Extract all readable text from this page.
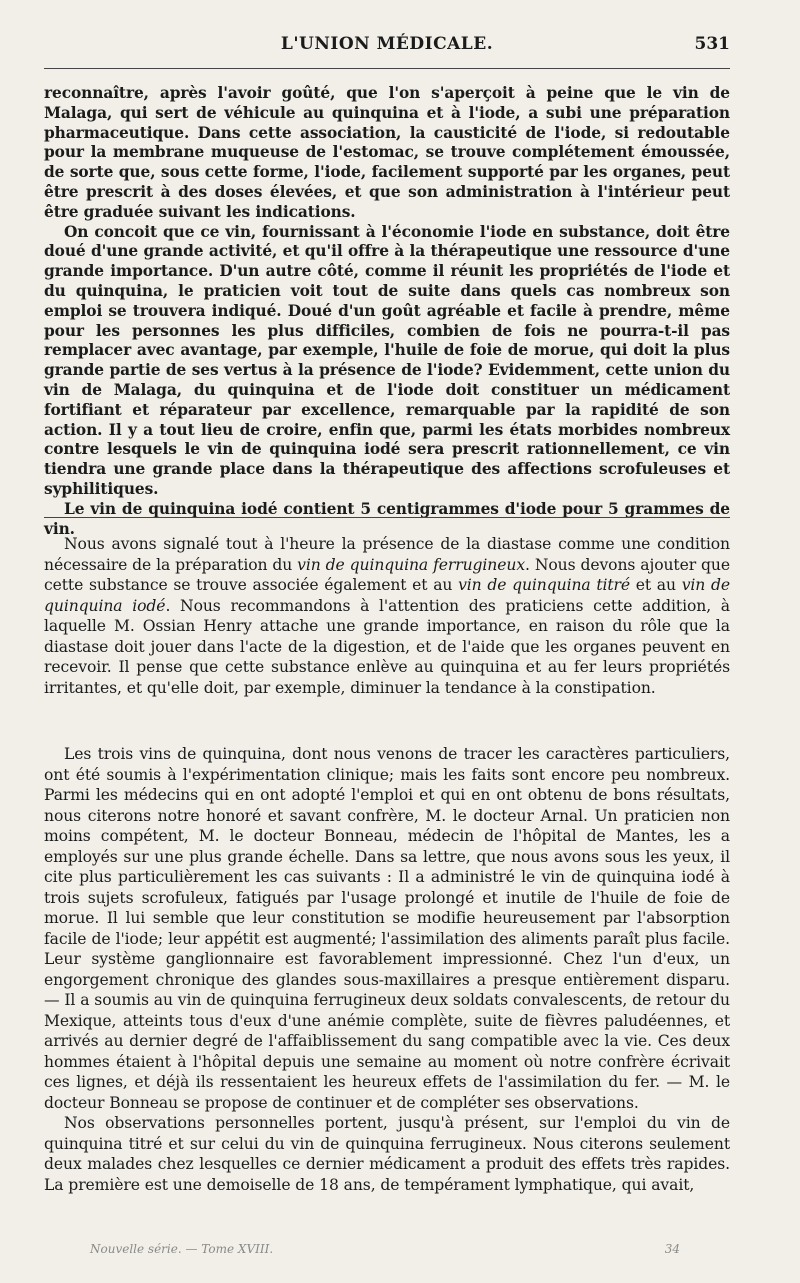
L'UNION MÉDICALE.	531

reconnaître, après l'avoir goûté, que l'on s'aperçoit à peine que le vin de Malaga, qui sert de véhicule au quinquina et à l'iode, a subi une préparation pharmaceutique. Dans cette association, la causticité de l'iode, si redoutable pour la membrane muqueuse de l'estomac, se trouve complétement émoussée, de sorte que, sous cette forme, l'iode, facilement supporté par les organes, peut être prescrit à des doses élevées, et que son administration à l'intérieur peut être graduée suivant les indications.

On concoit que ce vin, fournissant à l'économie l'iode en substance, doit être doué d'une grande activité, et qu'il offre à la thérapeutique une ressource d'une grande importance. D'un autre côté, comme il réunit les propriétés de l'iode et du quinquina, le praticien voit tout de suite dans quels cas nombreux son emploi se trouvera indiqué. Doué d'un goût agréable et facile à prendre, même pour les personnes les plus difficiles, combien de fois ne pourra-t-il pas remplacer avec avantage, par exemple, l'huile de foie de morue, qui doit la plus grande partie de ses vertus à la présence de l'iode? Evidemment, cette union du vin de Malaga, du quinquina et de l'iode doit constituer un médicament fortifiant et réparateur par excellence, remarquable par la rapidité de son action. Il y a tout lieu de croire, enfin que, parmi les états morbides nombreux contre lesquels le vin de quinquina iodé sera prescrit rationnellement, ce vin tiendra une grande place dans la thérapeutique des affections scrofuleuses et syphilitiques.

Le vin de quinquina iodé contient 5 centigrammes d'iode pour 5 grammes de vin.

Nous avons signalé tout à l'heure la présence de la diastase comme une condition nécessaire de la préparation du vin de quinquina ferrugineux. Nous devons ajouter que cette substance se trouve associée également et au vin de quinquina titré et au vin de quinquina iodé. Nous recommandons à l'attention des praticiens cette addition, à laquelle M. Ossian Henry attache une grande importance, en raison du rôle que la diastase doit jouer dans l'acte de la digestion, et de l'aide que les organes peuvent en recevoir. Il pense que cette substance enlève au quinquina et au fer leurs propriétés irritantes, et qu'elle doit, par exemple, diminuer la tendance à la constipation.

Les trois vins de quinquina, dont nous venons de tracer les caractères particuliers, ont été soumis à l'expérimentation clinique; mais les faits sont encore peu nombreux. Parmi les médecins qui en ont adopté l'emploi et qui en ont obtenu de bons résultats, nous citerons notre honoré et savant confrère, M. le docteur Arnal. Un praticien non moins compétent, M. le docteur Bonneau, médecin de l'hôpital de Mantes, les a employés sur une plus grande échelle. Dans sa lettre, que nous avons sous les yeux, il cite plus particulièrement les cas suivants : Il a administré le vin de quinquina iodé à trois sujets scrofuleux, fatigués par l'usage prolongé et inutile de l'huile de foie de morue. Il lui semble que leur constitution se modifie heureusement par l'absorption facile de l'iode; leur appétit est augmenté; l'assimilation des aliments paraît plus facile. Leur système ganglionnaire est favorablement impressionné. Chez l'un d'eux, un engorgement chronique des glandes sous-maxillaires a presque entièrement disparu. — Il a soumis au vin de quinquina ferrugineux deux soldats convalescents, de retour du Mexique, atteints tous d'eux d'une anémie complète, suite de fièvres paludéennes, et arrivés au dernier degré de l'affaiblissement du sang compatible avec la vie. Ces deux hommes étaient à l'hôpital depuis une semaine au moment où notre confrère écrivait ces lignes, et déjà ils ressentaient les heureux effets de l'assimilation du fer. — M. le docteur Bonneau se propose de continuer et de compléter ses observations.

Nos observations personnelles portent, jusqu'à présent, sur l'emploi du vin de quinquina titré et sur celui du vin de quinquina ferrugineux. Nous citerons seulement deux malades chez lesquelles ce dernier médicament a produit des effets très rapides. La première est une demoiselle de 18 ans, de tempérament lymphatique, qui avait,

Nouvelle série. — Tome XVIII.	34
